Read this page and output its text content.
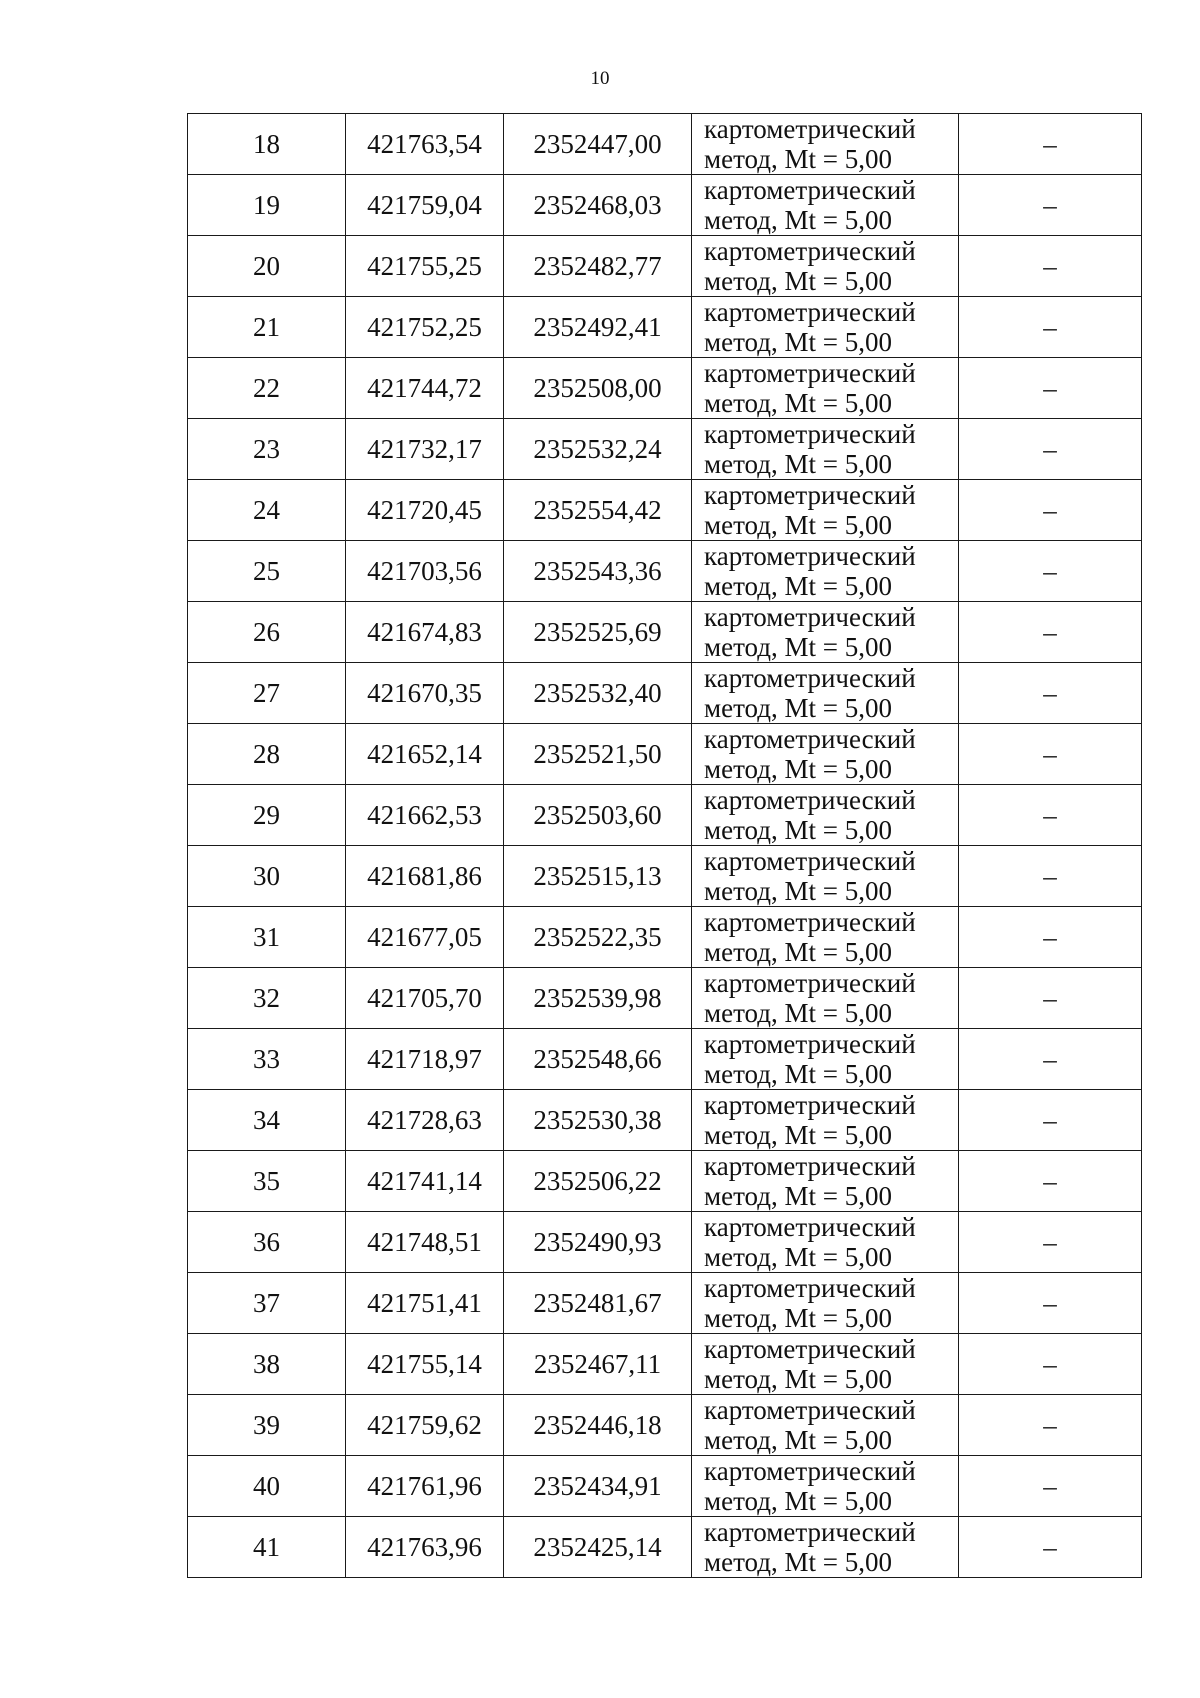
10
18	421763,54	2352447,00	картометрический
метод, Mt = 5,00	–
19	421759,04	2352468,03	картометрический
метод, Mt = 5,00	–
20	421755,25	2352482,77	картометрический
метод, Mt = 5,00	–
21	421752,25	2352492,41	картометрический
метод, Mt = 5,00	–
22	421744,72	2352508,00	картометрический
метод, Mt = 5,00	–
23	421732,17	2352532,24	картометрический
метод, Mt = 5,00	–
24	421720,45	2352554,42	картометрический
метод, Mt = 5,00	–
25	421703,56	2352543,36	картометрический
метод, Mt = 5,00	–
26	421674,83	2352525,69	картометрический
метод, Mt = 5,00	–
27	421670,35	2352532,40	картометрический
метод, Mt = 5,00	–
28	421652,14	2352521,50	картометрический
метод, Mt = 5,00	–
29	421662,53	2352503,60	картометрический
метод, Mt = 5,00	–
30	421681,86	2352515,13	картометрический
метод, Mt = 5,00	–
31	421677,05	2352522,35	картометрический
метод, Mt = 5,00	–
32	421705,70	2352539,98	картометрический
метод, Mt = 5,00	–
33	421718,97	2352548,66	картометрический
метод, Mt = 5,00	–
34	421728,63	2352530,38	картометрический
метод, Mt = 5,00	–
35	421741,14	2352506,22	картометрический
метод, Mt = 5,00	–
36	421748,51	2352490,93	картометрический
метод, Mt = 5,00	–
37	421751,41	2352481,67	картометрический
метод, Mt = 5,00	–
38	421755,14	2352467,11	картометрический
метод, Mt = 5,00	–
39	421759,62	2352446,18	картометрический
метод, Mt = 5,00	–
40	421761,96	2352434,91	картометрический
метод, Mt = 5,00	–
41	421763,96	2352425,14	картометрический
метод, Mt = 5,00	–
